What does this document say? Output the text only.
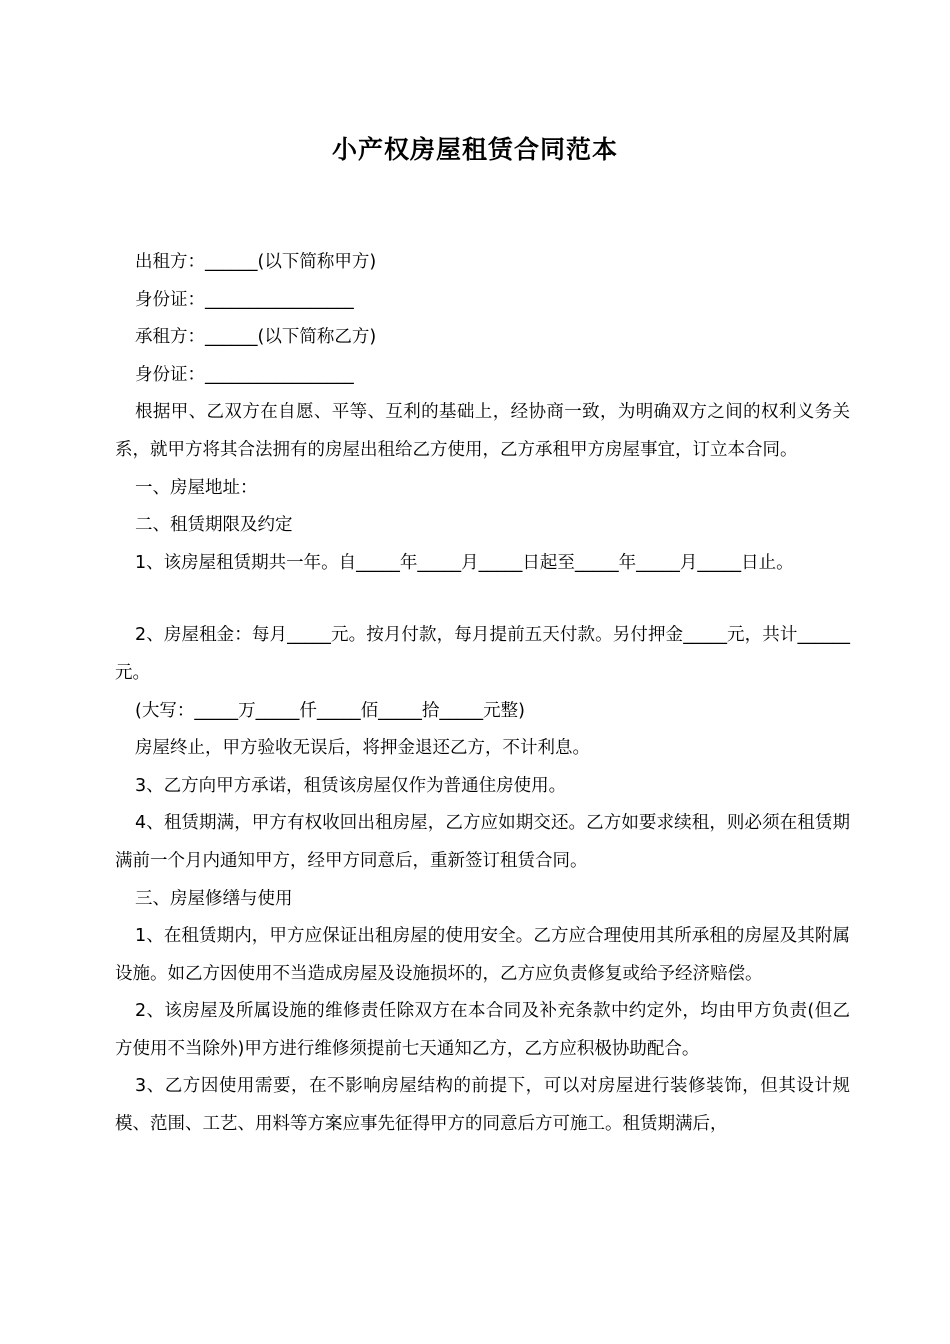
小产权房屋租赁合同范本

出租方：______(以下简称甲方)

身份证：_________________

承租方：______(以下简称乙方)

身份证：_________________

根据甲、乙双方在自愿、平等、互利的基础上，经协商一致，为明确双方之间的权利义务关系，就甲方将其合法拥有的房屋出租给乙方使用，乙方承租甲方房屋事宜，订立本合同。

一、房屋地址：

二、租赁期限及约定

1、该房屋租赁期共一年。自_____年_____月_____日起至_____年_____月_____日止。

2、房屋租金：每月_____元。按月付款，每月提前五天付款。另付押金_____元，共计______元。

(大写：_____万_____仟_____佰_____拾_____元整)

房屋终止，甲方验收无误后，将押金退还乙方，不计利息。

3、乙方向甲方承诺，租赁该房屋仅作为普通住房使用。

4、租赁期满，甲方有权收回出租房屋，乙方应如期交还。乙方如要求续租，则必须在租赁期满前一个月内通知甲方，经甲方同意后，重新签订租赁合同。

三、房屋修缮与使用

1、在租赁期内，甲方应保证出租房屋的使用安全。乙方应合理使用其所承租的房屋及其附属设施。如乙方因使用不当造成房屋及设施损坏的，乙方应负责修复或给予经济赔偿。

2、该房屋及所属设施的维修责任除双方在本合同及补充条款中约定外，均由甲方负责(但乙方使用不当除外)甲方进行维修须提前七天通知乙方，乙方应积极协助配合。

3、乙方因使用需要，在不影响房屋结构的前提下，可以对房屋进行装修装饰，但其设计规模、范围、工艺、用料等方案应事先征得甲方的同意后方可施工。租赁期满后，
